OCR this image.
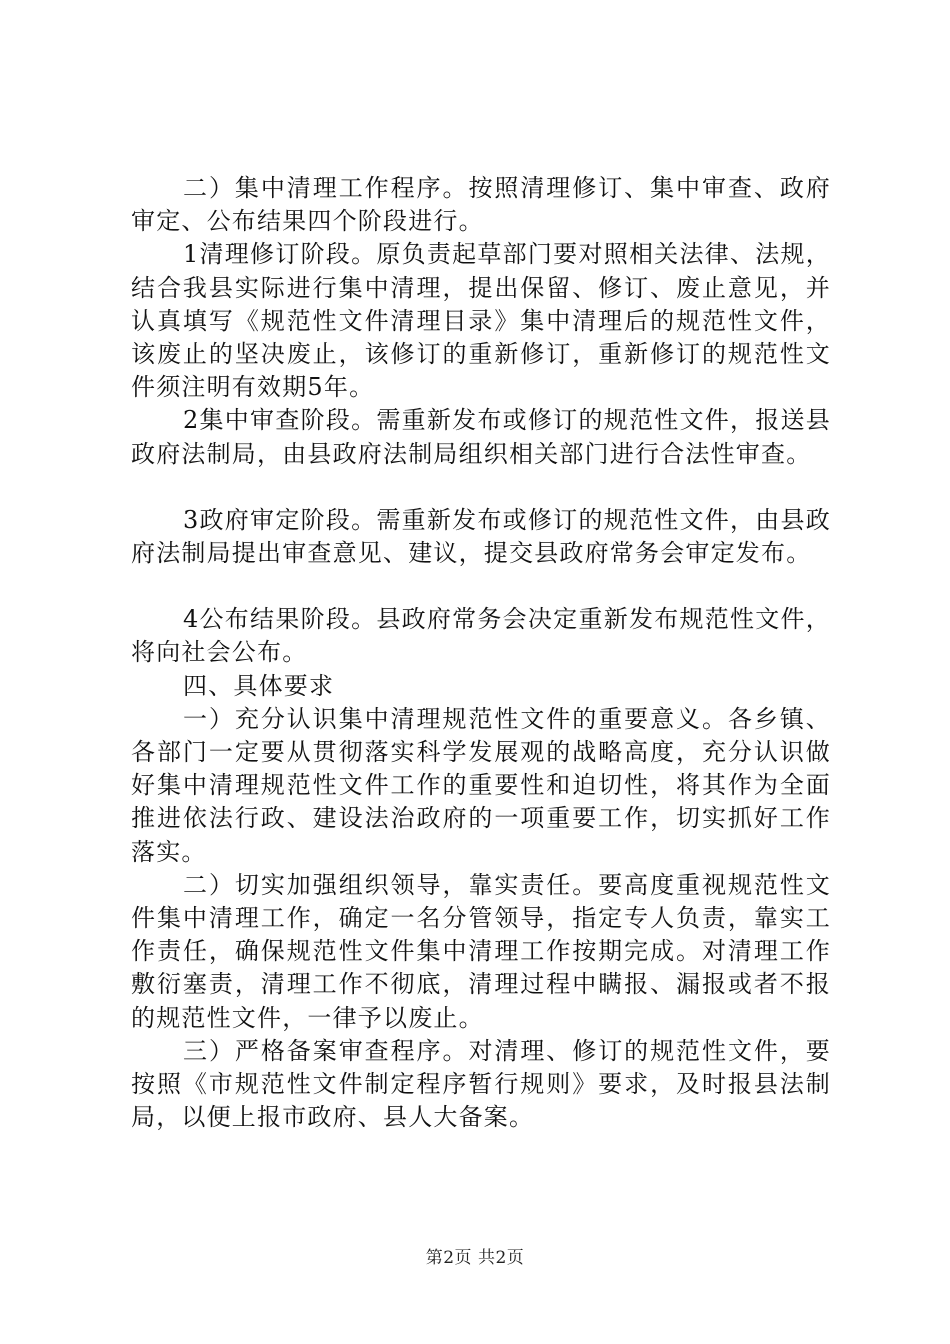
二）集中清理工作程序。按照清理修订、集中审查、政府审定、公布结果四个阶段进行。

1清理修订阶段。原负责起草部门要对照相关法律、法规，结合我县实际进行集中清理，提出保留、修订、废止意见，并认真填写《规范性文件清理目录》集中清理后的规范性文件，该废止的坚决废止，该修订的重新修订，重新修订的规范性文件须注明有效期5年。

2集中审查阶段。需重新发布或修订的规范性文件，报送县政府法制局，由县政府法制局组织相关部门进行合法性审查。

3政府审定阶段。需重新发布或修订的规范性文件，由县政府法制局提出审查意见、建议，提交县政府常务会审定发布。

4公布结果阶段。县政府常务会决定重新发布规范性文件，将向社会公布。

四、具体要求

一）充分认识集中清理规范性文件的重要意义。各乡镇、各部门一定要从贯彻落实科学发展观的战略高度，充分认识做好集中清理规范性文件工作的重要性和迫切性，将其作为全面推进依法行政、建设法治政府的一项重要工作，切实抓好工作落实。

二）切实加强组织领导，靠实责任。要高度重视规范性文件集中清理工作，确定一名分管领导，指定专人负责，靠实工作责任，确保规范性文件集中清理工作按期完成。对清理工作敷衍塞责，清理工作不彻底，清理过程中瞒报、漏报或者不报的规范性文件，一律予以废止。

三）严格备案审查程序。对清理、修订的规范性文件，要按照《市规范性文件制定程序暂行规则》要求，及时报县法制局，以便上报市政府、县人大备案。

第2页 共2页
